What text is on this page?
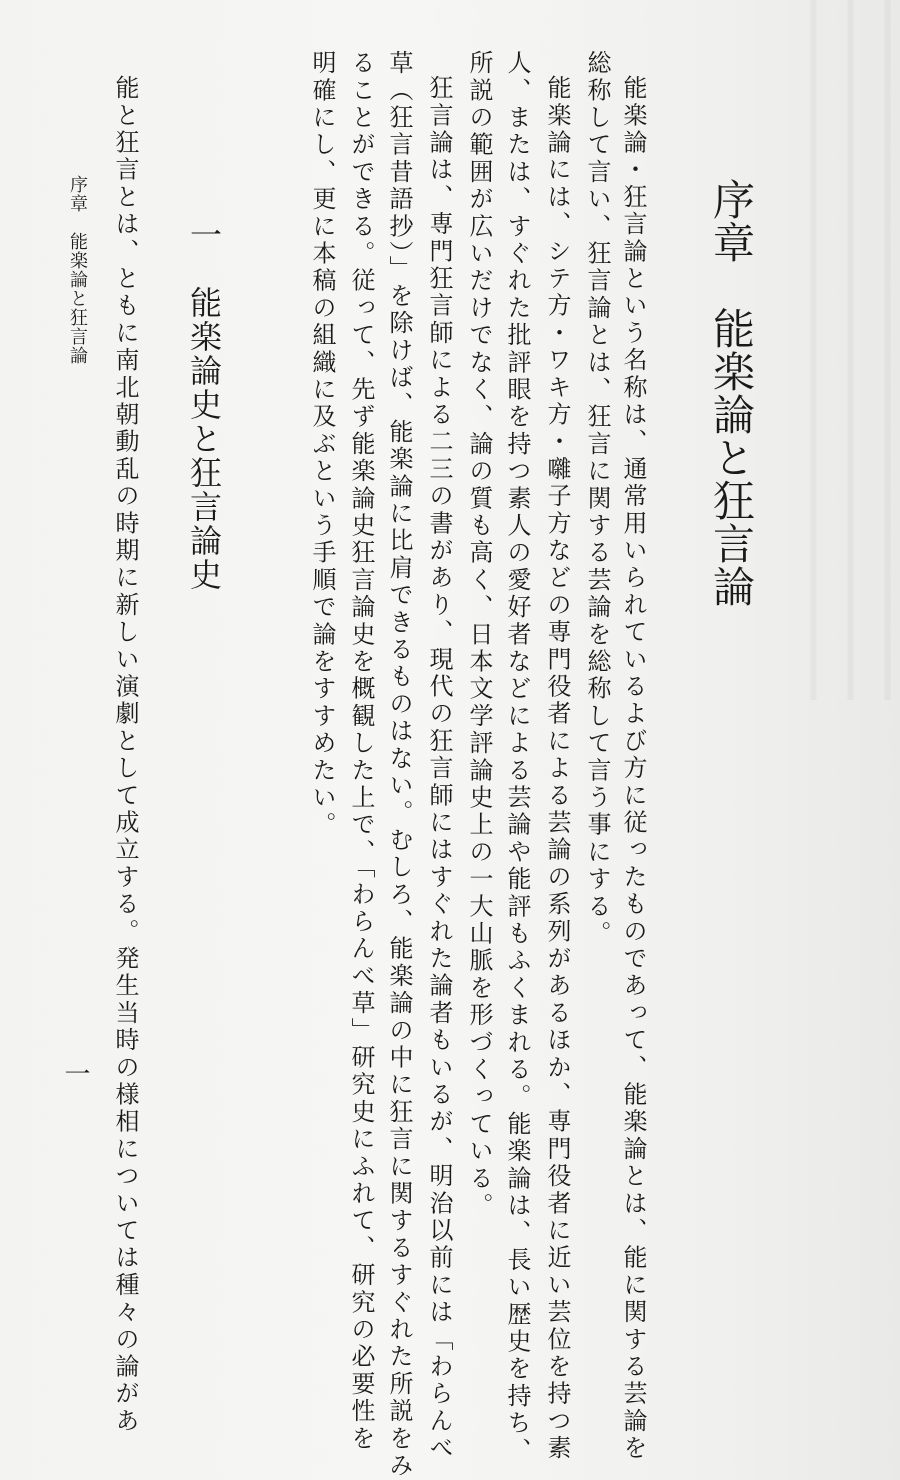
序章　能楽論と狂言論
能楽論・狂言論という名称は、通常用いられているよび方に従ったものであって、能楽論とは、能に関する芸論を
総称して言い、狂言論とは、狂言に関する芸論を総称して言う事にする。
能楽論には、シテ方・ワキ方・囃子方などの専門役者による芸論の系列があるほか、専門役者に近い芸位を持つ素
人、または、すぐれた批評眼を持つ素人の愛好者などによる芸論や能評もふくまれる。能楽論は、長い歴史を持ち、
所説の範囲が広いだけでなく、論の質も高く、日本文学評論史上の一大山脈を形づくっている。
狂言論は、専門狂言師による二三の書があり、現代の狂言師にはすぐれた論者もいるが、明治以前には「わらんべ
草（狂言昔語抄）」を除けば、能楽論に比肩できるものはない。むしろ、能楽論の中に狂言に関するすぐれた所説をみ
ることができる。従って、先ず能楽論史狂言論史を概観した上で、「わらんべ草」研究史にふれて、研究の必要性を
明確にし、更に本稿の組織に及ぶという手順で論をすすめたい。
一　能楽論史と狂言論史
能と狂言とは、ともに南北朝動乱の時期に新しい演劇として成立する。発生当時の様相については種々の論があ
序章　能楽論と狂言論
一
